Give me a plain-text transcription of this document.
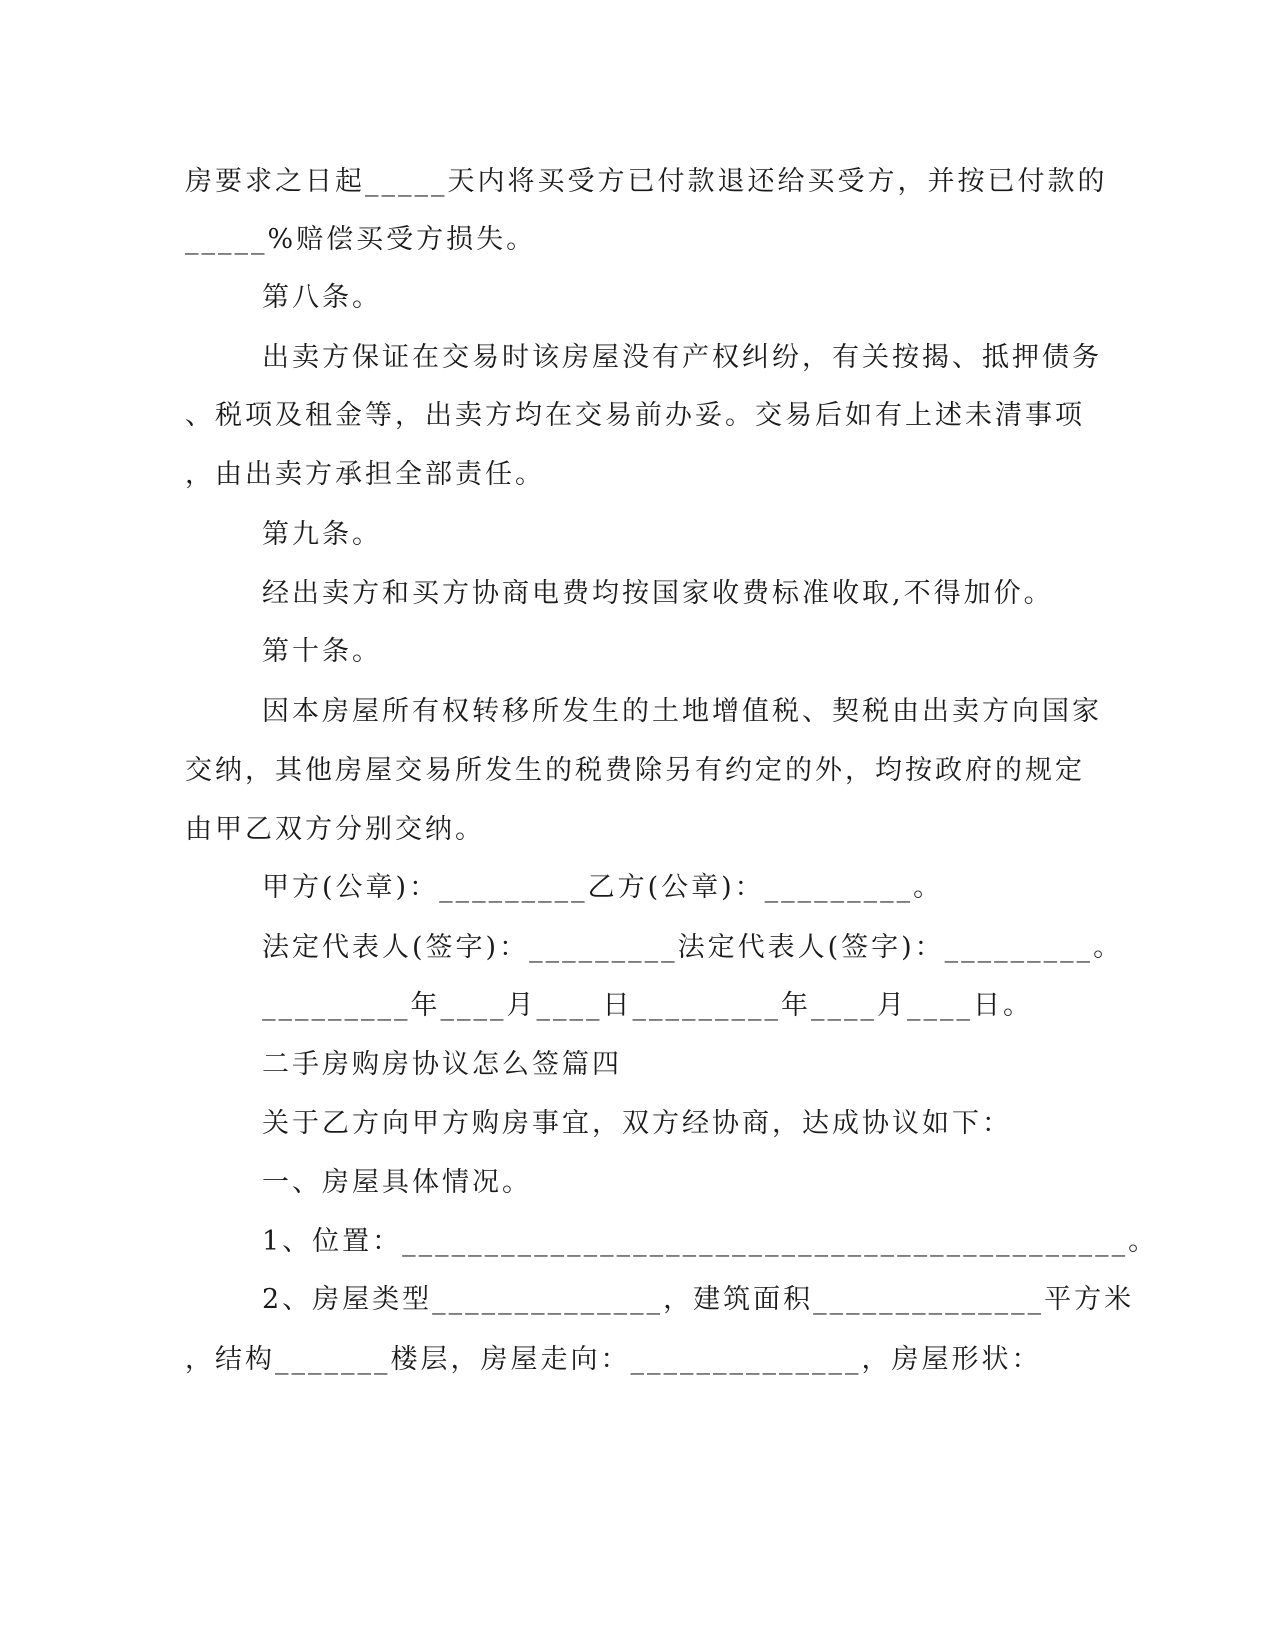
房要求之日起_____天内将买受方已付款退还给买受方，并按已付款的
_____%赔偿买受方损失。
第八条。
出卖方保证在交易时该房屋没有产权纠纷，有关按揭、抵押债务
、税项及租金等，出卖方均在交易前办妥。交易后如有上述未清事项
，由出卖方承担全部责任。
第九条。
经出卖方和买方协商电费均按国家收费标准收取,不得加价。
第十条。
因本房屋所有权转移所发生的土地增值税、契税由出卖方向国家
交纳，其他房屋交易所发生的税费除另有约定的外，均按政府的规定
由甲乙双方分别交纳。
甲方(公章)：_________乙方(公章)：_________。
法定代表人(签字)：_________法定代表人(签字)：_________。
_________年____月____日_________年____月____日。
二手房购房协议怎么签篇四
关于乙方向甲方购房事宜，双方经协商，达成协议如下：
一、房屋具体情况。
1、位置：____________________________________________。
2、房屋类型______________，建筑面积______________平方米
，结构_______楼层，房屋走向：______________，房屋形状：
